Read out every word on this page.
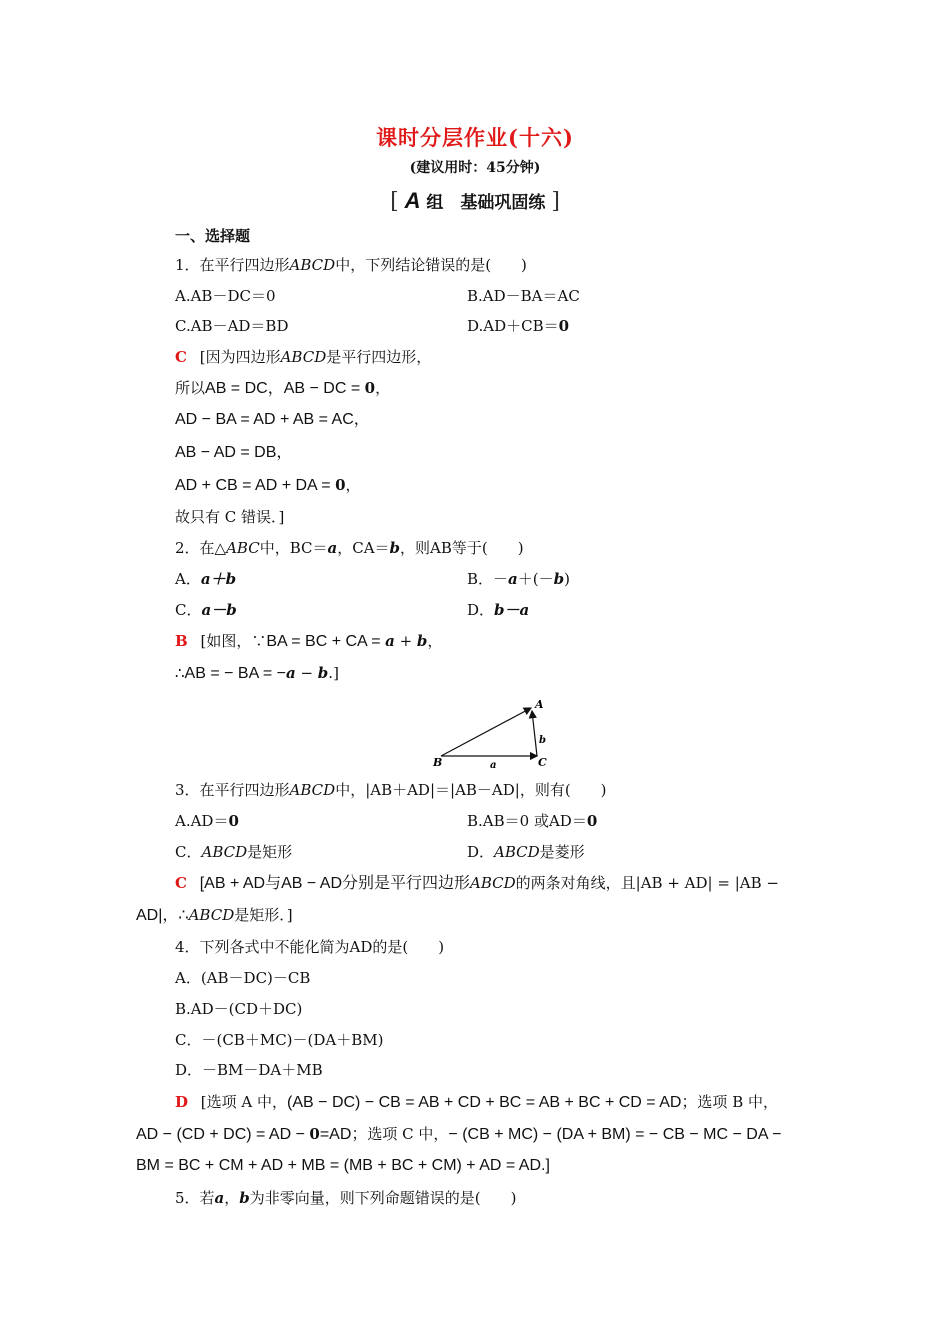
课时分层作业(十六)
(建议用时：45分钟)
[ A 组　基础巩固练 ]
一、选择题
1．在平行四边形ABCD中，下列结论错误的是(　　)
A.AB－DC＝0	B.AD－BA＝AC
C.AB－AD＝BD	D.AD＋CB＝0
C [因为四边形ABCD是平行四边形，
所以AB = DC，AB − DC = 0，
AD − BA = AD + AB = AC，
AB − AD = DB，
AD + CB = AD + DA = 0，
故只有 C 错误．]
2．在△ABC中，BC＝a，CA＝b，则AB等于(　　)
A．a＋b	B．－a＋(－b)
C．a－b	D．b－a
B [如图，∵BA = BC + CA = a + b，
∴AB = − BA = −a − b.]
A
B	C
a
b
3．在平行四边形ABCD中，|AB＋AD|＝|AB－AD|，则有(　　)
A.AD＝0	B.AB＝0 或AD＝0
C．ABCD是矩形	D．ABCD是菱形
C [AB + AD与AB − AD分别是平行四边形ABCD的两条对角线，且|AB + AD| = |AB −
AD|，∴ABCD是矩形．]
4．下列各式中不能化简为AD的是(　　)
A．(AB－DC)－CB
B.AD－(CD＋DC)
C．－(CB＋MC)－(DA＋BM)
D．－BM－DA＋MB
D [选项 A 中，(AB − DC) − CB = AB + CD + BC = AB + BC + CD = AD；选项 B 中，
AD − (CD + DC) = AD − 0=AD；选项 C 中，− (CB + MC) − (DA + BM) = − CB − MC − DA −
BM = BC + CM + AD + MB = (MB + BC + CM) + AD = AD.]
5．若a，b为非零向量，则下列命题错误的是(　　)
